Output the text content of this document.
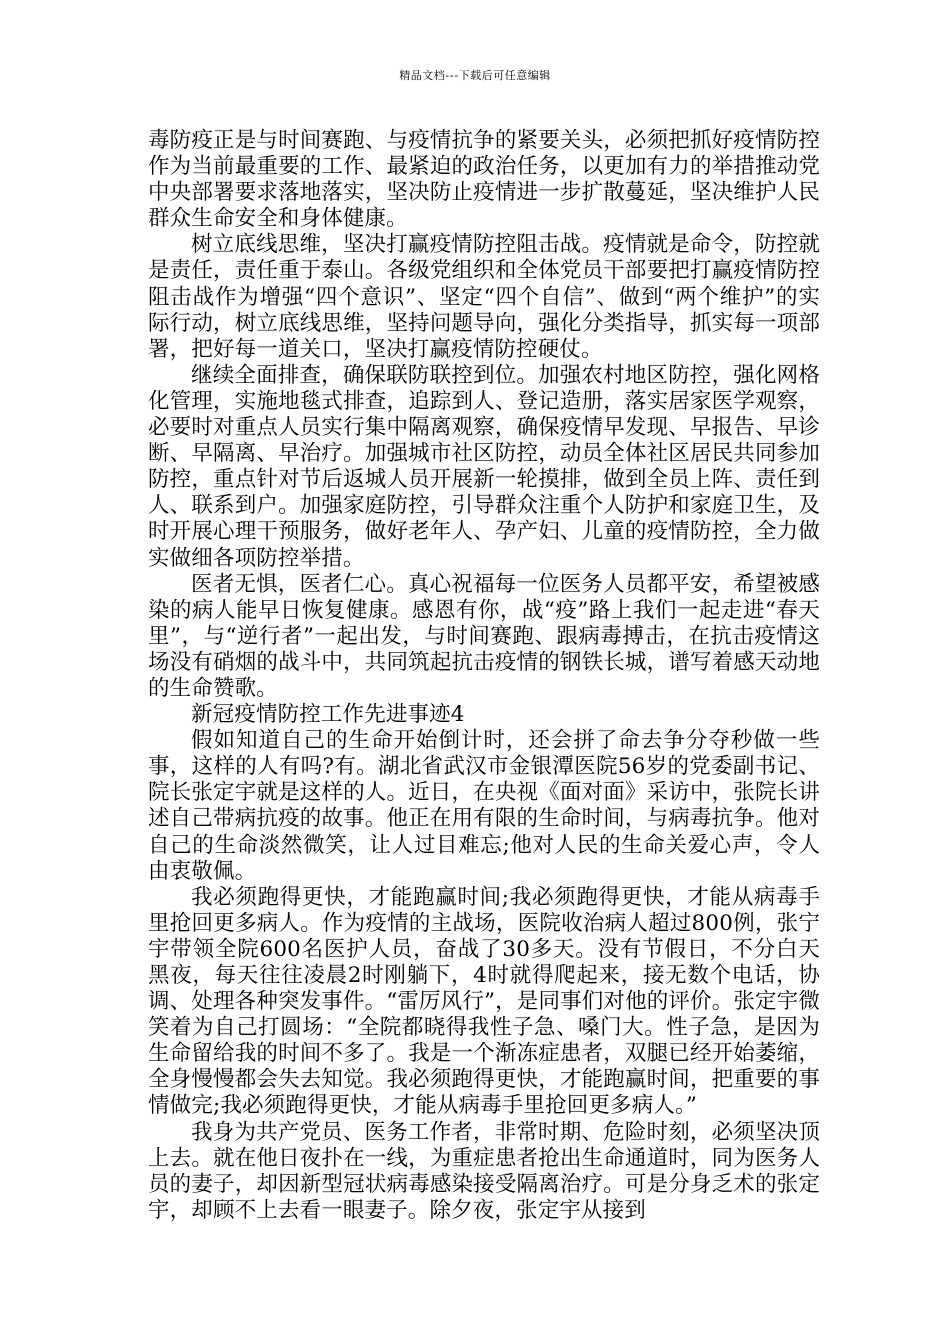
精品文档---下载后可任意编辑

毒防疫正是与时间赛跑、与疫情抗争的紧要关头，必须把抓好疫情防控作为当前最重要的工作、最紧迫的政治任务，以更加有力的举措推动党中央部署要求落地落实，坚决防止疫情进一步扩散蔓延，坚决维护人民群众生命安全和身体健康。

树立底线思维，坚决打赢疫情防控阻击战。疫情就是命令，防控就是责任，责任重于泰山。各级党组织和全体党员干部要把打赢疫情防控阻击战作为增强“四个意识”、坚定“四个自信”、做到“两个维护”的实际行动，树立底线思维，坚持问题导向，强化分类指导，抓实每一项部署，把好每一道关口，坚决打赢疫情防控硬仗。

继续全面排查，确保联防联控到位。加强农村地区防控，强化网格化管理，实施地毯式排查，追踪到人、登记造册，落实居家医学观察，必要时对重点人员实行集中隔离观察，确保疫情早发现、早报告、早诊断、早隔离、早治疗。加强城市社区防控，动员全体社区居民共同参加防控，重点针对节后返城人员开展新一轮摸排，做到全员上阵、责任到人、联系到户。加强家庭防控，引导群众注重个人防护和家庭卫生，及时开展心理干预服务，做好老年人、孕产妇、儿童的疫情防控，全力做实做细各项防控举措。

医者无惧，医者仁心。真心祝福每一位医务人员都平安，希望被感染的病人能早日恢复健康。感恩有你，战“疫”路上我们一起走进“春天里”，与“逆行者”一起出发，与时间赛跑、跟病毒搏击，在抗击疫情这场没有硝烟的战斗中，共同筑起抗击疫情的钢铁长城，谱写着感天动地的生命赞歌。

新冠疫情防控工作先进事迹4

假如知道自己的生命开始倒计时，还会拼了命去争分夺秒做一些事，这样的人有吗?有。湖北省武汉市金银潭医院56岁的党委副书记、院长张定宇就是这样的人。近日，在央视《面对面》采访中，张院长讲述自己带病抗疫的故事。他正在用有限的生命时间，与病毒抗争。他对自己的生命淡然微笑，让人过目难忘;他对人民的生命关爱心声，令人由衷敬佩。

我必须跑得更快，才能跑赢时间;我必须跑得更快，才能从病毒手里抢回更多病人。作为疫情的主战场，医院收治病人超过800例，张宁宇带领全院600名医护人员，奋战了30多天。没有节假日，不分白天黑夜，每天往往凌晨2时刚躺下，4时就得爬起来，接无数个电话，协调、处理各种突发事件。“雷厉风行”，是同事们对他的评价。张定宇微笑着为自己打圆场：“全院都晓得我性子急、嗓门大。性子急，是因为生命留给我的时间不多了。我是一个渐冻症患者，双腿已经开始萎缩，全身慢慢都会失去知觉。我必须跑得更快，才能跑赢时间，把重要的事情做完;我必须跑得更快，才能从病毒手里抢回更多病人。”

我身为共产党员、医务工作者，非常时期、危险时刻，必须坚决顶上去。就在他日夜扑在一线，为重症患者抢出生命通道时，同为医务人员的妻子，却因新型冠状病毒感染接受隔离治疗。可是分身乏术的张定宇，却顾不上去看一眼妻子。除夕夜，张定宇从接到
